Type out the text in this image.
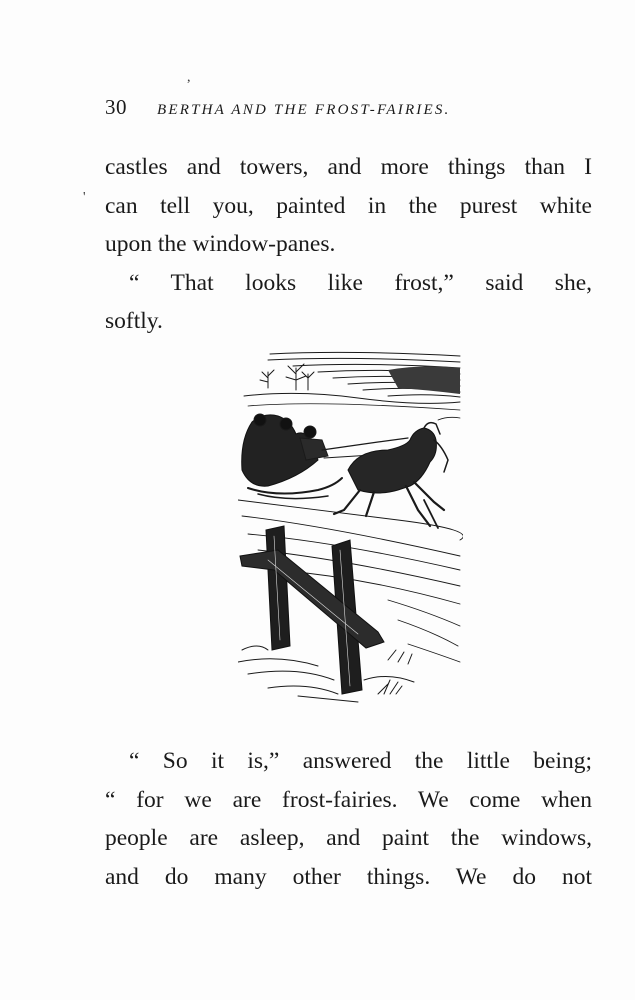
,
'
30 BERTHA AND THE FROST-FAIRIES.
castles and towers, and more things than I
can tell you, painted in the purest white
upon the window-panes.
“ That looks like frost,” said she,
softly.
“ So it is,” answered the little being;
“ for we are frost-fairies. We come when
people are asleep, and paint the windows,
and do many other things. We do not
